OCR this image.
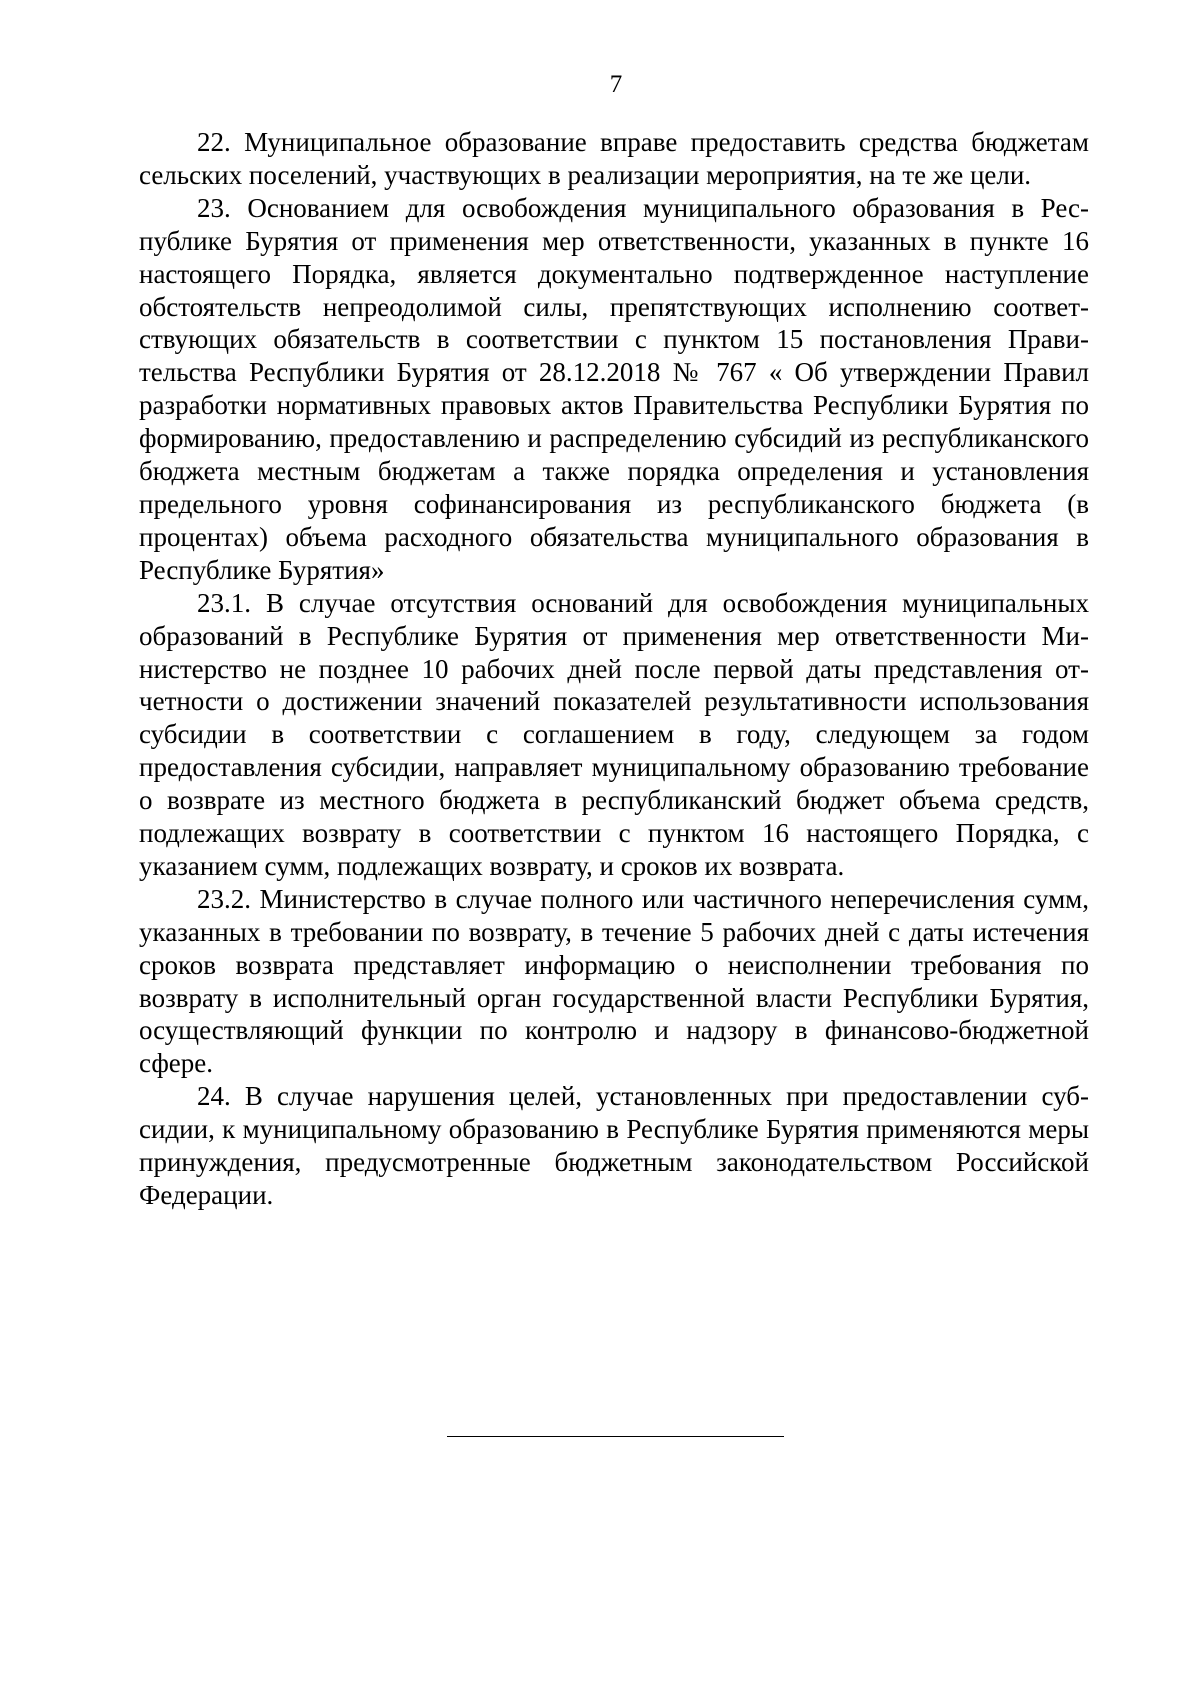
7

22. Муниципальное образование вправе предоставить средства бюджетам сельских поселений, участвующих в реализации мероприятия, на те же цели.

23. Основанием для освобождения муниципального образования в Республике Бурятия от применения мер ответственности, указанных в пункте 16 настоящего Порядка, является документально подтвержденное наступление обстоятельств непреодолимой силы, препятствующих исполнению соответствующих обязательств в соответствии с пунктом 15 постановления Правительства Республики Бурятия от 28.12.2018 № 767 « Об утверждении Правил разработки нормативных правовых актов Правительства Республики Бурятия по формированию, предоставлению и распределению субсидий из республиканского бюджета местным бюджетам а также порядка определения и установления предельного уровня софинансирования из республиканского бюджета (в процентах) объема расходного обязательства муниципального образования в Республике Бурятия»

23.1. В случае отсутствия оснований для освобождения муниципальных образований в Республике Бурятия от применения мер ответственности Министерство не позднее 10 рабочих дней после первой даты представления отчетности о достижении значений показателей результативности использования субсидии в соответствии с соглашением в году, следующем за годом предоставления субсидии, направляет муниципальному образованию требование о возврате из местного бюджета в республиканский бюджет объема средств, подлежащих возврату в соответствии с пунктом 16 настоящего Порядка, с указанием сумм, подлежащих возврату, и сроков их возврата.

23.2. Министерство в случае полного или частичного неперечисления сумм, указанных в требовании по возврату, в течение 5 рабочих дней с даты истечения сроков возврата представляет информацию о неисполнении требования по возврату в исполнительный орган государственной власти Республики Бурятия, осуществляющий функции по контролю и надзору в финансово-бюджетной сфере.

24. В случае нарушения целей, установленных при предоставлении субсидии, к муниципальному образованию в Республике Бурятия применяются меры принуждения, предусмотренные бюджетным законодательством Российской Федерации.
